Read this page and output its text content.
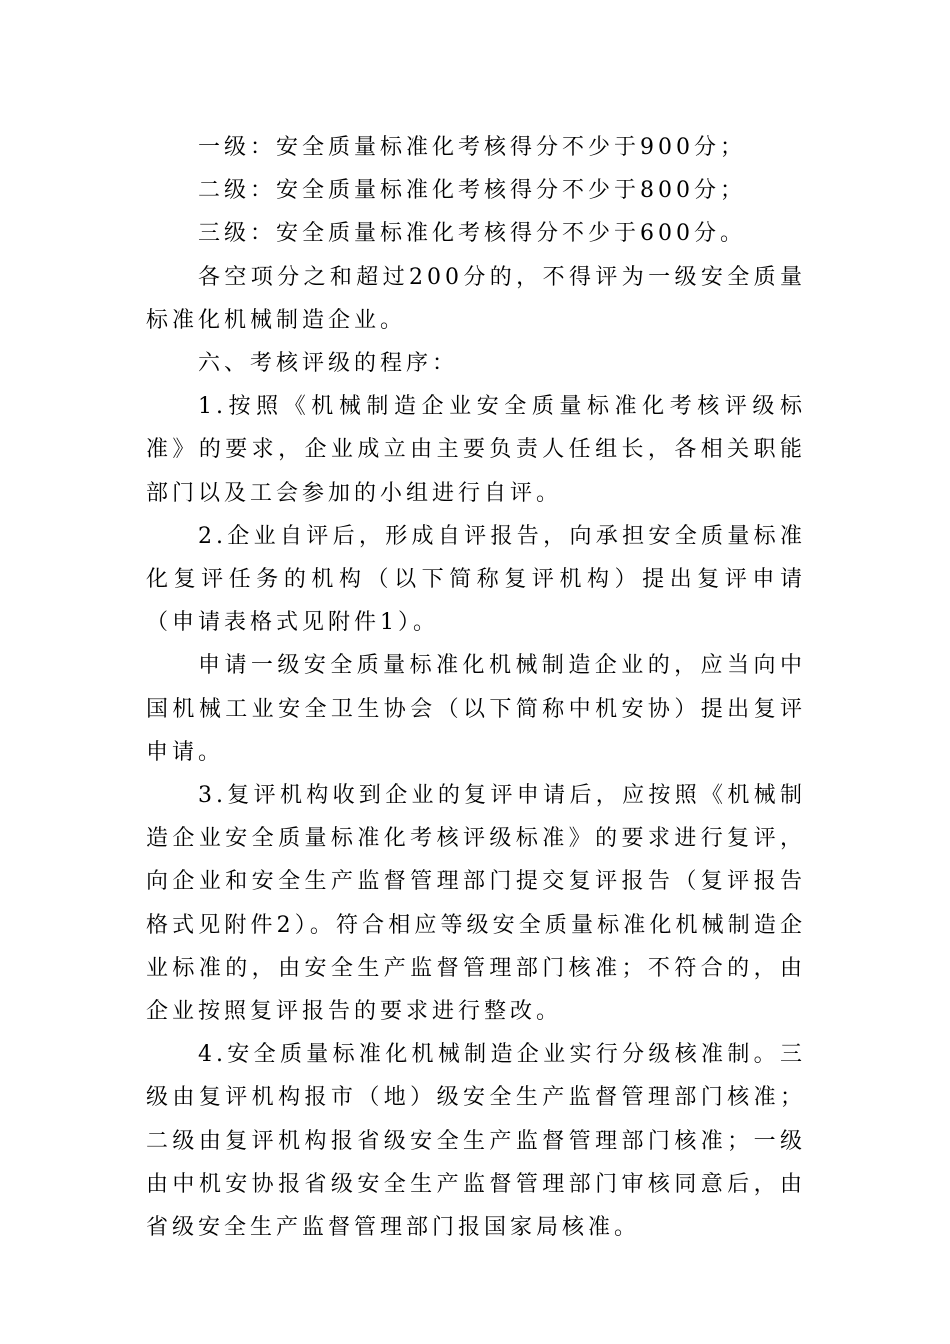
一级：安全质量标准化考核得分不少于900分；

二级：安全质量标准化考核得分不少于800分；

三级：安全质量标准化考核得分不少于600分。

各空项分之和超过200分的，不得评为一级安全质量标准化机械制造企业。

六、考核评级的程序：

1.按照《机械制造企业安全质量标准化考核评级标准》的要求，企业成立由主要负责人任组长，各相关职能部门以及工会参加的小组进行自评。

2.企业自评后，形成自评报告，向承担安全质量标准化复评任务的机构（以下简称复评机构）提出复评申请（申请表格式见附件1）。

申请一级安全质量标准化机械制造企业的，应当向中国机械工业安全卫生协会（以下简称中机安协）提出复评申请。

3.复评机构收到企业的复评申请后，应按照《机械制造企业安全质量标准化考核评级标准》的要求进行复评，向企业和安全生产监督管理部门提交复评报告（复评报告格式见附件2）。符合相应等级安全质量标准化机械制造企业标准的，由安全生产监督管理部门核准；不符合的，由企业按照复评报告的要求进行整改。

4.安全质量标准化机械制造企业实行分级核准制。三级由复评机构报市（地）级安全生产监督管理部门核准；二级由复评机构报省级安全生产监督管理部门核准；一级由中机安协报省级安全生产监督管理部门审核同意后，由省级安全生产监督管理部门报国家局核准。
